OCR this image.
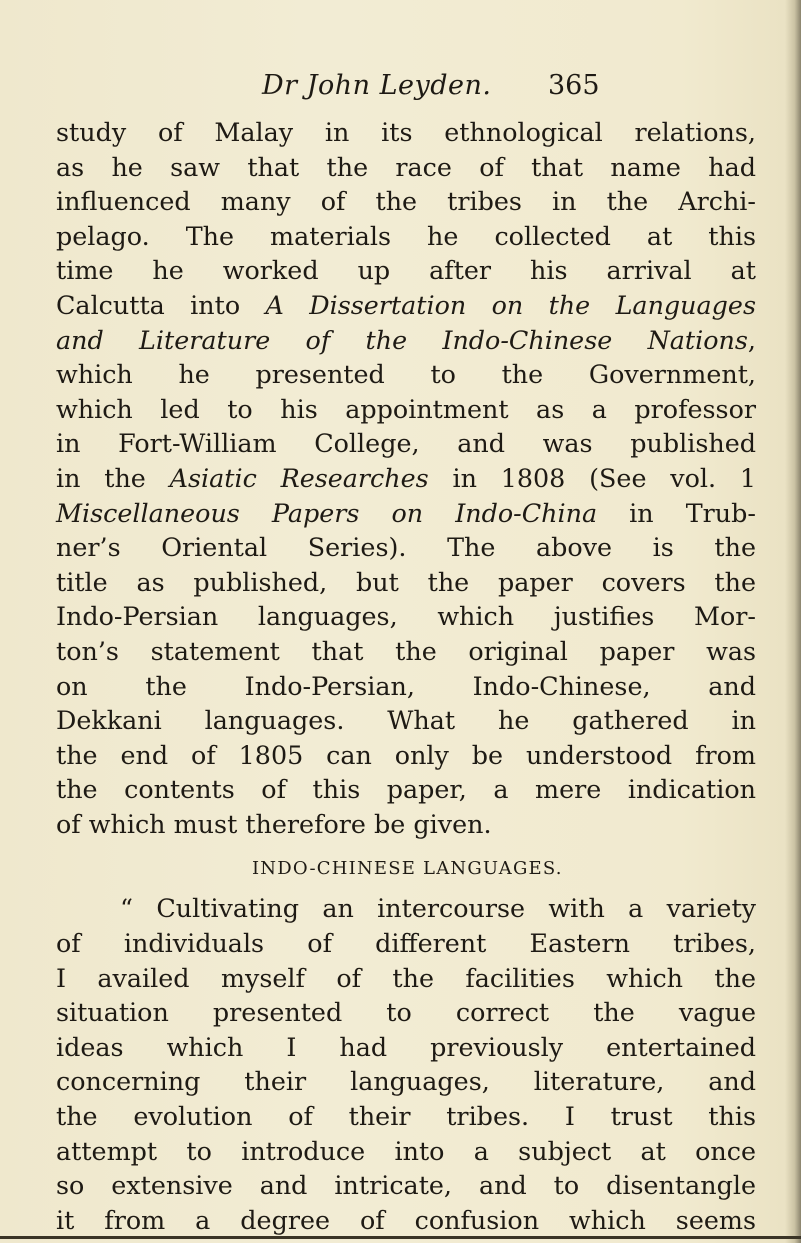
Dr John Leyden. 365
study of Malay in its ethnological relations,
as he saw that the race of that name had
influenced many of the tribes in the Archi-
pelago. The materials he collected at this
time he worked up after his arrival at
Calcutta into A Dissertation on the Languages
and Literature of the Indo-Chinese Nations,
which he presented to the Government,
which led to his appointment as a professor
in Fort-William College, and was published
in the Asiatic Researches in 1808 (See vol. 1
Miscellaneous Papers on Indo-China in Trub-
ner’s Oriental Series). The above is the
title as published, but the paper covers the
Indo-Persian languages, which justifies Mor-
ton’s statement that the original paper was
on the Indo-Persian, Indo-Chinese, and
Dekkani languages. What he gathered in
the end of 1805 can only be understood from
the contents of this paper, a mere indication
of which must therefore be given.
INDO-CHINESE LANGUAGES.
“ Cultivating an intercourse with a variety
of individuals of different Eastern tribes,
I availed myself of the facilities which the
situation presented to correct the vague
ideas which I had previously entertained
concerning their languages, literature, and
the evolution of their tribes. I trust this
attempt to introduce into a subject at once
so extensive and intricate, and to disentangle
it from a degree of confusion which seems
